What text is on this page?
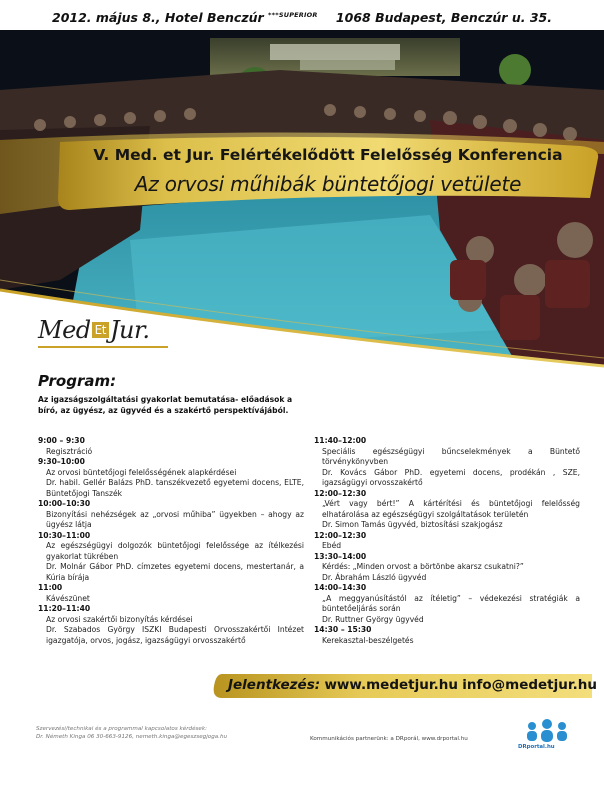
2012. május 8., Hotel Benczúr $^{***SUPERIOR}$ 1068 Budapest, Benczúr u. 35.
V. Med. et Jur. Felértékelődött Felelősség Konferencia
Az orvosi műhibák büntetőjogi vetülete
Med Et Jur.
Program:
Az igazságszolgáltatási gyakorlat bemutatása- előadások a bíró, az ügyész, az ügyvéd és a szakértő perspektívájából.
9:00 – 9:30
Regisztráció
9:30–10:00
Az orvosi büntetőjogi felelősségének alapkérdései
Dr. habil. Gellér Balázs PhD. tanszékvezető egyetemi docens, ELTE, Büntetőjogi Tanszék
10:00–10:30
Bizonyítási nehézségek az „orvosi műhiba” ügyekben – ahogy az ügyész látja
10:30–11:00
Az egészségügyi dolgozók büntetőjogi felelőssége az ítélkezési gyakorlat tükrében
Dr. Molnár Gábor PhD. címzetes egyetemi docens, mestertanár, a Kúria bírája
11:00
Kávészünet
11:20–11:40
Az orvosi szakértői bizonyítás kérdései
Dr. Szabados György ISZKI Budapesti Orvosszakértői Intézet igazgatója, orvos, jogász, igazságügyi orvosszakértő
11:40–12:00
Speciális egészségügyi bűncselekmények a Büntető törvénykönyvben
Dr. Kovács Gábor PhD. egyetemi docens, prodékán , SZE, igazságügyi orvosszakértő
12:00–12:30
„Vért vagy bért!” A kártérítési és büntetőjogi felelősség elhatárolása az egészségügyi szolgáltatások területén
Dr. Simon Tamás ügyvéd, biztosítási szakjogász
12:00–12:30
Ebéd
13:30–14:00
Kérdés: „Minden orvost a börtönbe akarsz csukatni?”
Dr. Ábrahám László ügyvéd
14:00–14:30
„A meggyanúsítástól az ítéletig” – védekezési stratégiák a büntetőeljárás során
Dr. Ruttner György ügyvéd
14:30 – 15:30
Kerekasztal-beszélgetés
Jelentkezés: www.medetjur.hu info@medetjur.hu
Szervezési/technikai és a programmal kapcsolatos kérdések:
Dr. Németh Kinga 06 30-663-9126, nemeth.kinga@egeszsegjoga.hu	Kommunikációs partnerünk: a DRporál, www.drportal.hu
DRportal.hu
